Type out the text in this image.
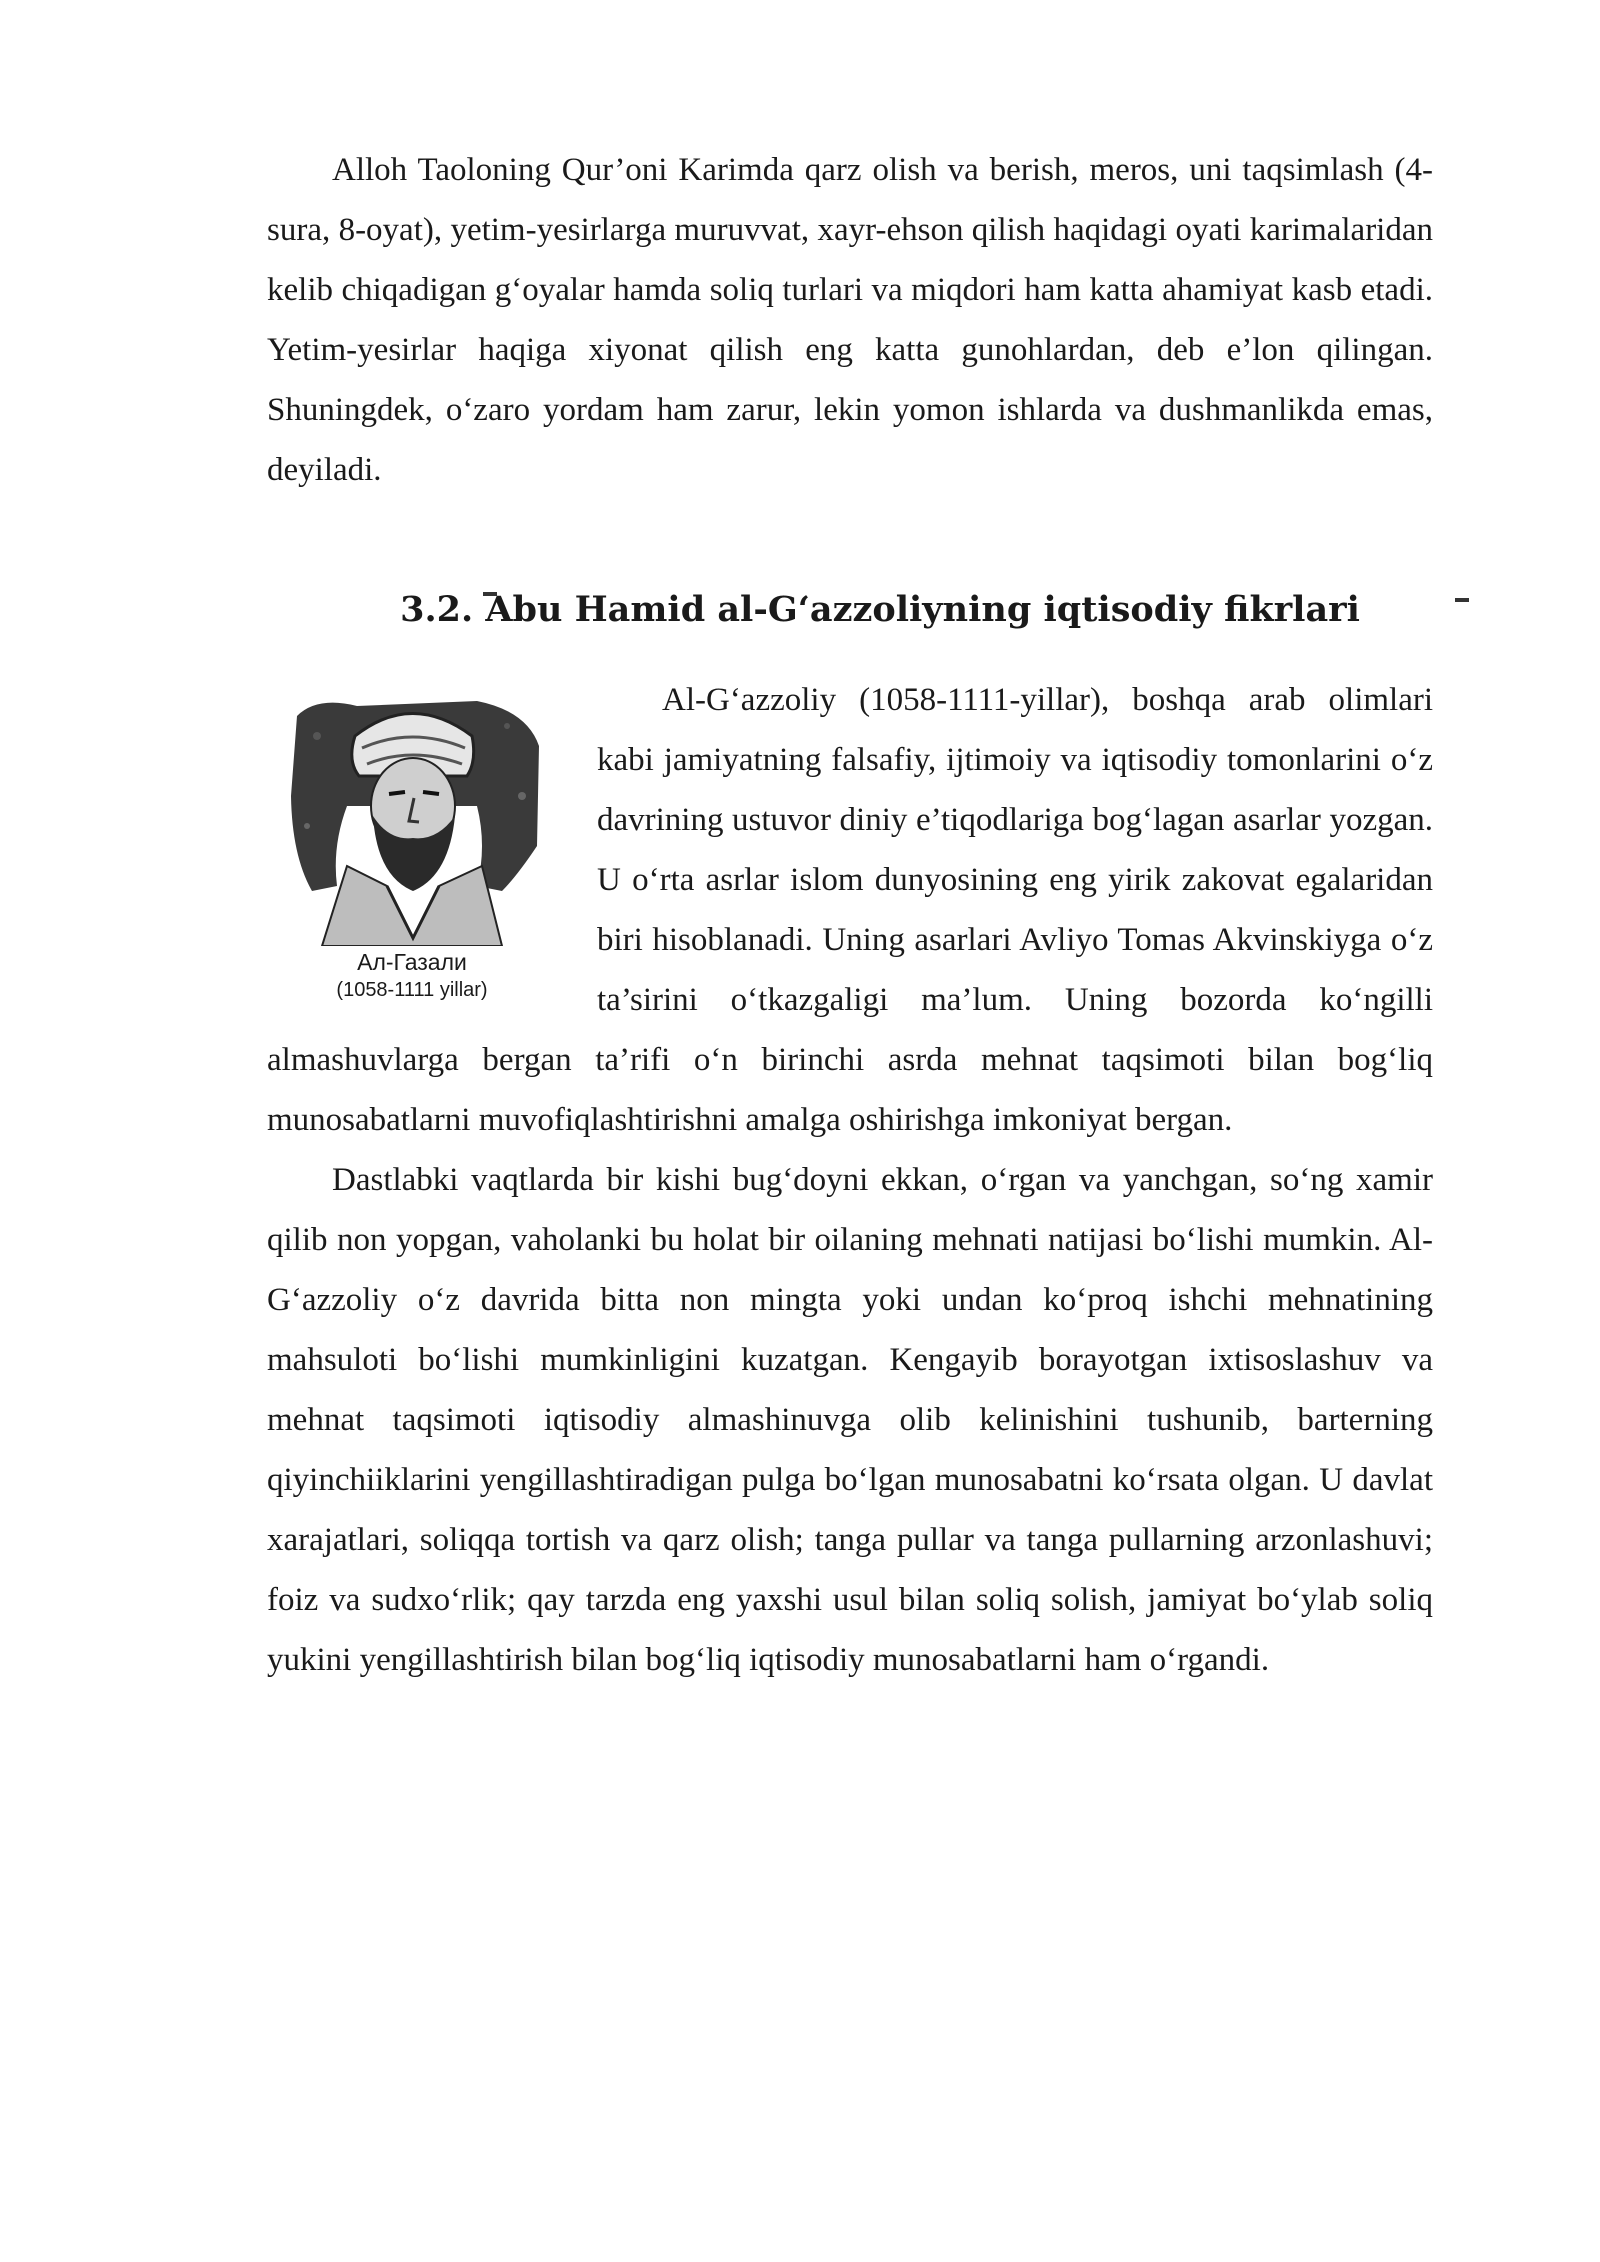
Alloh Taoloning Qur’oni Karimda qarz olish va berish, meros, uni taqsimlash (4-sura, 8-oyat), yetim-yesirlarga muruvvat, xayr-ehson qilish haqidagi oyati karimalaridan kelib chiqadigan g‘oyalar hamda soliq turlari va miqdori ham katta ahamiyat kasb etadi. Yetim-yesirlar haqiga xiyonat qilish eng katta gunohlardan, deb e’lon qilingan. Shuningdek, o‘zaro yordam ham zarur, lekin yomon ishlarda va dushmanlikda emas, deyiladi.

3.2. Abu Hamid al-G‘azzoliyning iqtisodiy fikrlari
Ал-Газали
(1058-1111 yillar)

Al-G‘azzoliy (1058-1111-yillar), boshqa arab olimlari kabi jamiyatning falsafiy, ijtimoiy va iqtisodiy tomonlarini o‘z davrining ustuvor diniy e’tiqodlariga bog‘lagan asarlar yozgan. U o‘rta asrlar islom dunyosining eng yirik zakovat egalaridan biri hisoblanadi. Uning asarlari Avliyo Tomas Akvinskiyga o‘z ta’sirini o‘tkazgaligi ma’lum. Uning bozorda ko‘ngilli almashuvlarga bergan ta’rifi o‘n birinchi asrda mehnat taqsimoti bilan bog‘liq munosabatlarni muvofiqlashtirishni amalga oshirishga imkoniyat bergan.

Dastlabki vaqtlarda bir kishi bug‘doyni ekkan, o‘rgan va yanchgan, so‘ng xamir qilib non yopgan, vaholanki bu holat bir oilaning mehnati natijasi bo‘lishi mumkin. Al-G‘azzoliy o‘z davrida bitta non mingta yoki undan ko‘proq ishchi mehnatining mahsuloti bo‘lishi mumkinligini kuzatgan. Kengayib borayotgan ixtisoslashuv va mehnat taqsimoti iqtisodiy almashinuvga olib kelinishini tushunib, barterning qiyinchiiklarini yengillashtiradigan pulga bo‘lgan munosabatni ko‘rsata olgan. U davlat xarajatlari, soliqqa tortish va qarz olish; tanga pullar va tanga pullarning arzonlashuvi; foiz va sudxo‘rlik; qay tarzda eng yaxshi usul bilan soliq solish, jamiyat bo‘ylab soliq yukini yengillashtirish bilan bog‘liq iqtisodiy munosabatlarni ham o‘rgandi.
